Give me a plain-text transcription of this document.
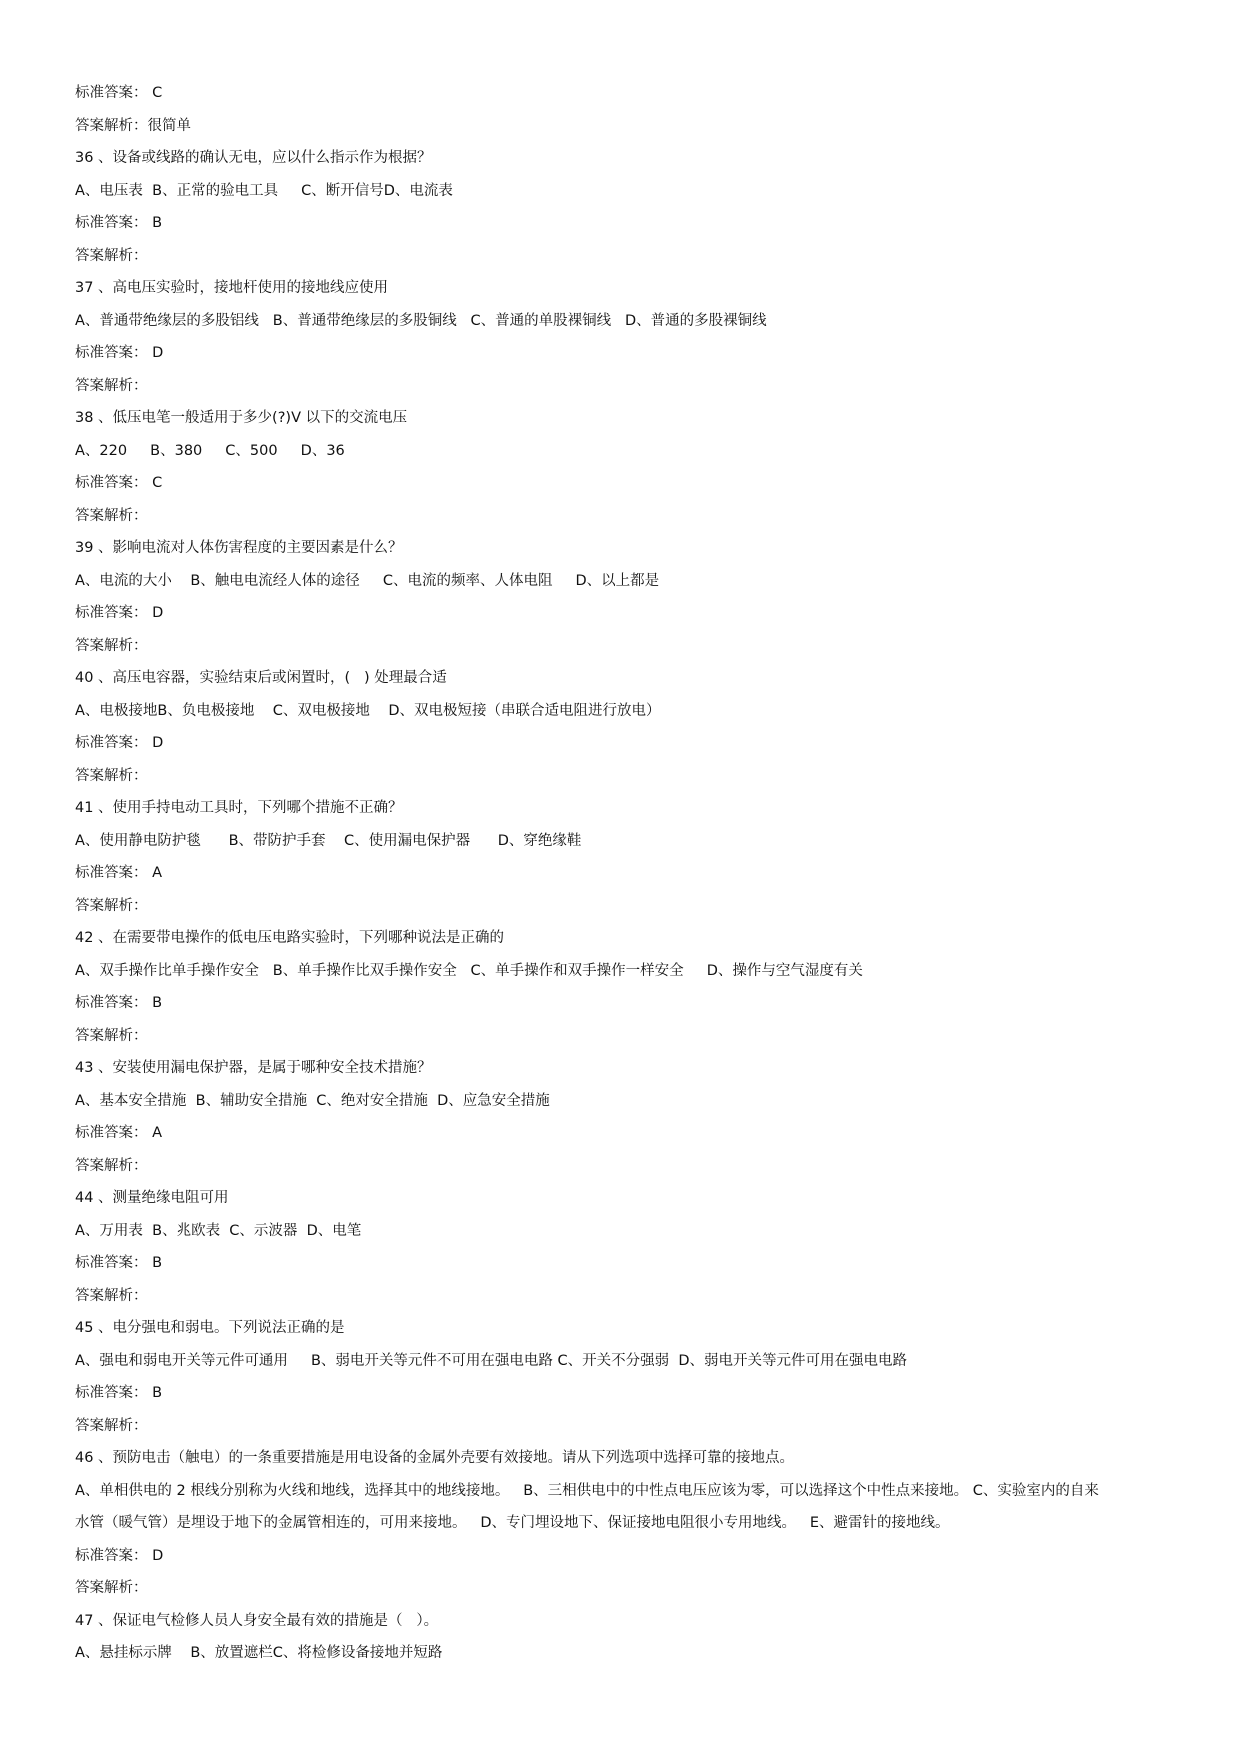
标准答案： C
答案解析：很简单
36 、设备或线路的确认无电，应以什么指示作为根据？
A、电压表  B、正常的验电工具     C、断开信号D、电流表
标准答案： B
答案解析：
37 、高电压实验时，接地杆使用的接地线应使用
A、普通带绝缘层的多股铝线   B、普通带绝缘层的多股铜线   C、普通的单股裸铜线   D、普通的多股裸铜线
标准答案： D
答案解析：
38 、低压电笔一般适用于多少(?)V 以下的交流电压
A、220     B、380     C、500     D、36
标准答案： C
答案解析：
39 、影响电流对人体伤害程度的主要因素是什么？
A、电流的大小    B、触电电流经人体的途径     C、电流的频率、人体电阻     D、以上都是
标准答案： D
答案解析：
40 、高压电容器，实验结束后或闲置时，(   ) 处理最合适
A、电极接地B、负电极接地    C、双电极接地    D、双电极短接（串联合适电阻进行放电）
标准答案： D
答案解析：
41 、使用手持电动工具时，下列哪个措施不正确？
A、使用静电防护毯      B、带防护手套    C、使用漏电保护器      D、穿绝缘鞋
标准答案： A
答案解析：
42 、在需要带电操作的低电压电路实验时，下列哪种说法是正确的
A、双手操作比单手操作安全   B、单手操作比双手操作安全   C、单手操作和双手操作一样安全     D、操作与空气湿度有关
标准答案： B
答案解析：
43 、安装使用漏电保护器，是属于哪种安全技术措施？
A、基本安全措施  B、辅助安全措施  C、绝对安全措施  D、应急安全措施
标准答案： A
答案解析：
44 、测量绝缘电阻可用
A、万用表  B、兆欧表  C、示波器  D、电笔
标准答案： B
答案解析：
45 、电分强电和弱电。下列说法正确的是
A、强电和弱电开关等元件可通用     B、弱电开关等元件不可用在强电电路 C、开关不分强弱  D、弱电开关等元件可用在强电电路
标准答案： B
答案解析：
46 、预防电击（触电）的一条重要措施是用电设备的金属外壳要有效接地。请从下列选项中选择可靠的接地点。
A、单相供电的 2 根线分别称为火线和地线，选择其中的地线接地。   B、三相供电中的中性点电压应该为零，可以选择这个中性点来接地。 C、实验室内的自来
水管（暖气管）是埋设于地下的金属管相连的，可用来接地。   D、专门埋设地下、保证接地电阻很小专用地线。   E、避雷针的接地线。
标准答案： D
答案解析：
47 、保证电气检修人员人身安全最有效的措施是（   ）。
A、悬挂标示牌    B、放置遮栏C、将检修设备接地并短路
